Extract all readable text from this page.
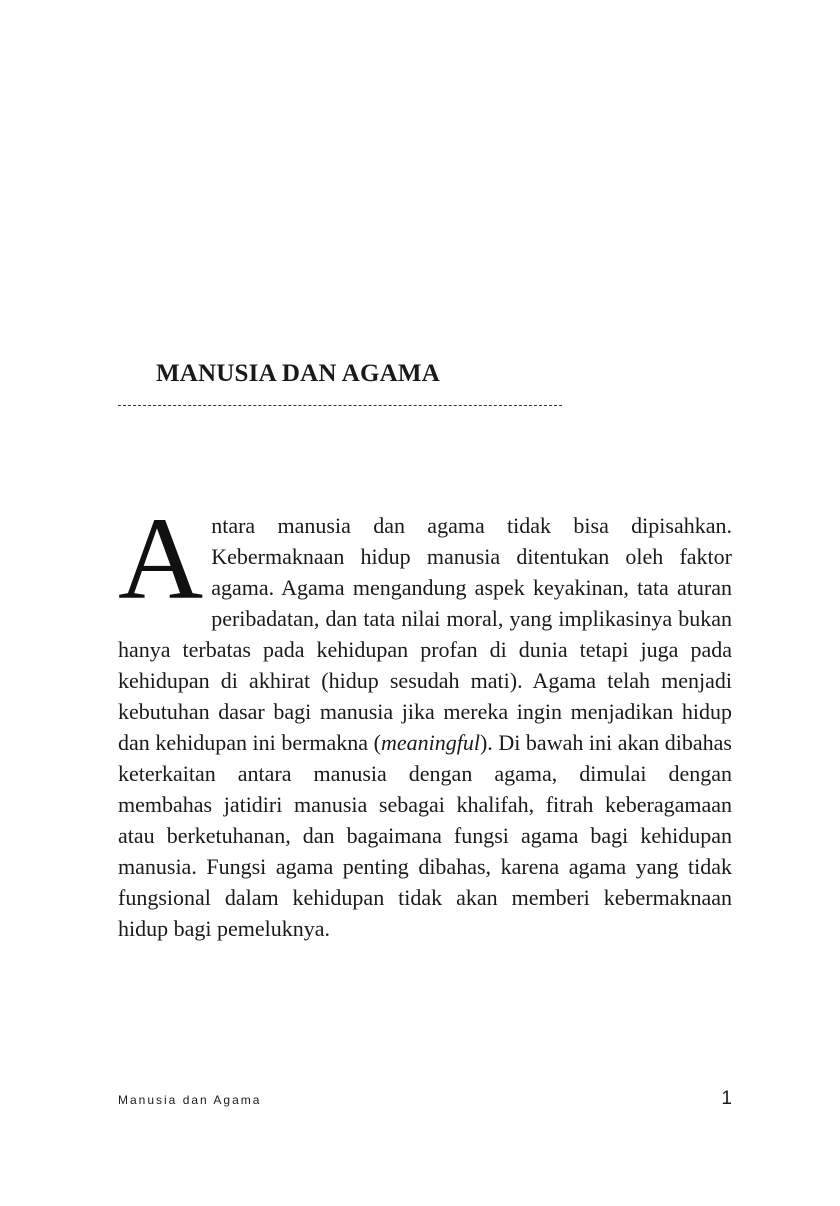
MANUSIA DAN AGAMA

Antara manusia dan agama tidak bisa dipisahkan. Kebermaknaan hidup manusia ditentukan oleh faktor agama. Agama mengandung aspek keyakinan, tata aturan peribadatan, dan tata nilai moral, yang implikasinya bukan hanya terbatas pada kehidupan profan di dunia tetapi juga pada kehidupan di akhirat (hidup sesudah mati). Agama telah menjadi kebutuhan dasar bagi manusia jika mereka ingin menjadikan hidup dan kehidupan ini bermakna (meaningful). Di bawah ini akan dibahas keterkaitan antara manusia dengan agama, dimulai dengan membahas jatidiri manusia sebagai khalifah, fitrah keberagamaan atau berketuhanan, dan bagaimana fungsi agama bagi kehidupan manusia. Fungsi agama penting dibahas, karena agama yang tidak fungsional dalam kehidupan tidak akan memberi kebermaknaan hidup bagi pemeluknya.

Manusia dan Agama	1
